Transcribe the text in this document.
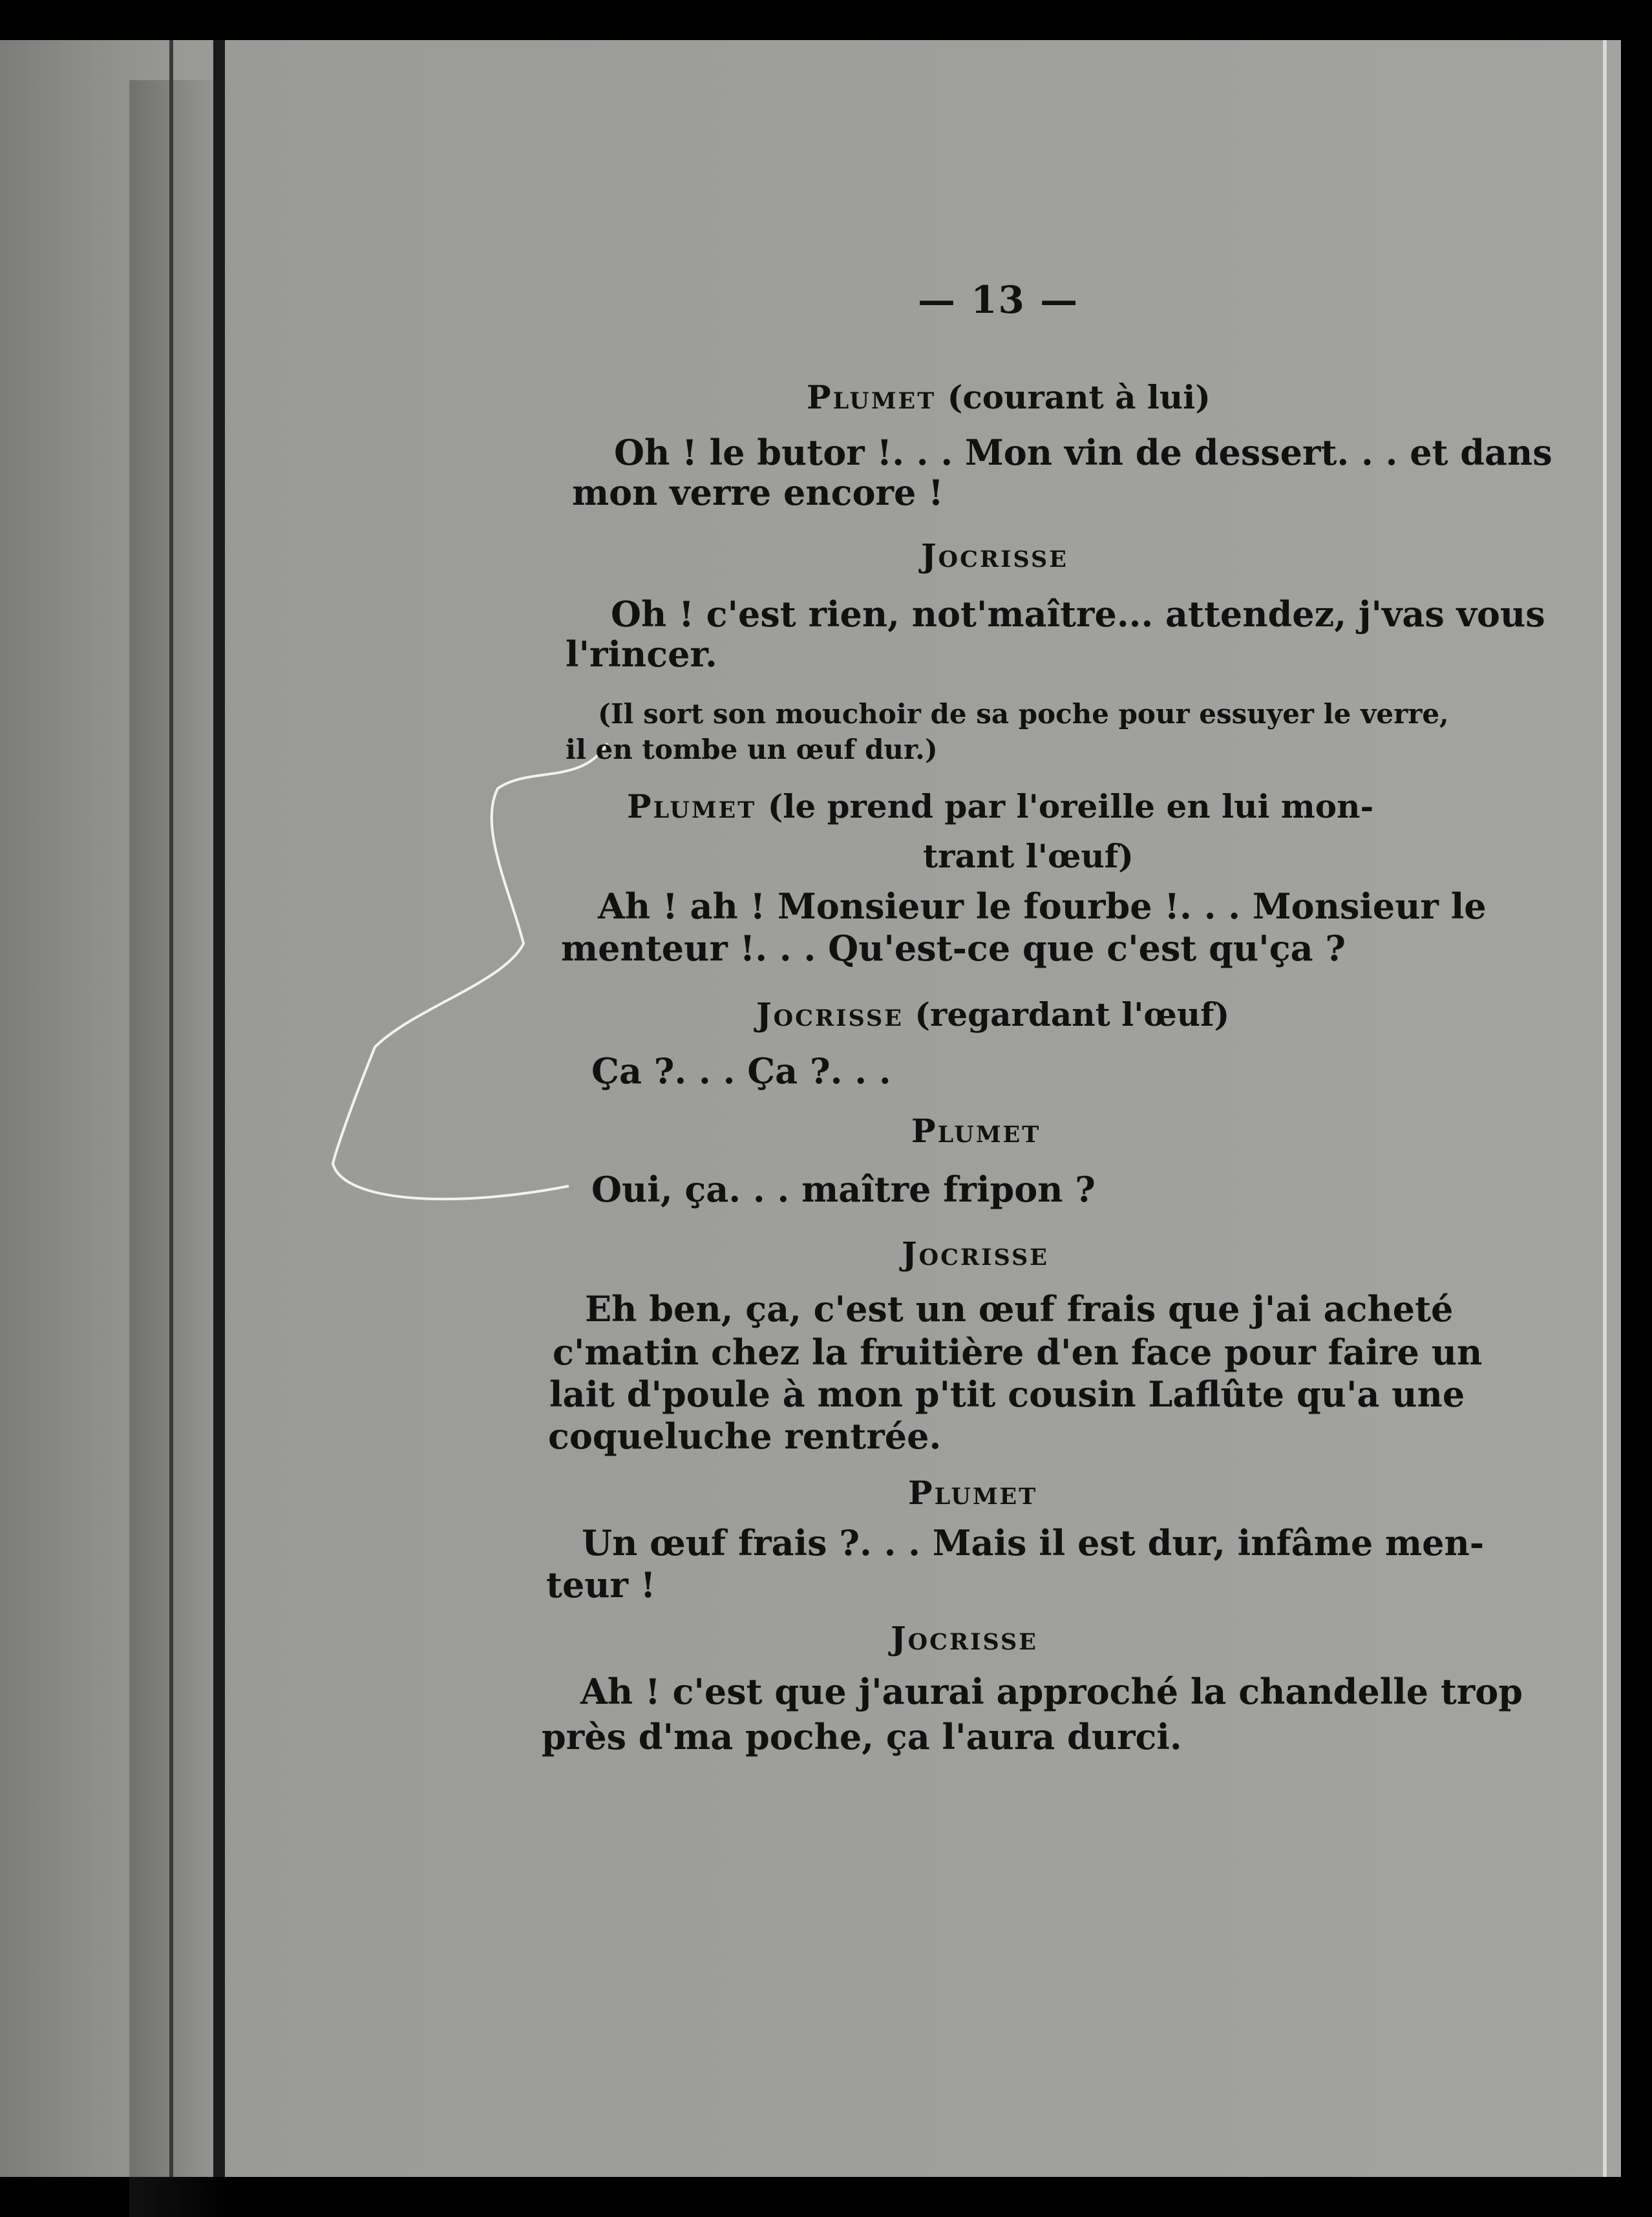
— 13 —
Plumet (courant à lui)
Oh ! le butor !. . . Mon vin de dessert. . . et dans
mon verre encore !
Jocrisse
Oh ! c'est rien, not'maître... attendez, j'vas vous
l'rincer.
(Il sort son mouchoir de sa poche pour essuyer le verre,
il en tombe un œuf dur.)
Plumet (le prend par l'oreille en lui mon-
trant l'œuf)
Ah ! ah ! Monsieur le fourbe !. . . Monsieur le
menteur !. . . Qu'est-ce que c'est qu'ça ?
Jocrisse (regardant l'œuf)
Ça ?. . . Ça ?. . .
Plumet
Oui, ça. . . maître fripon ?
Jocrisse
Eh ben, ça, c'est un œuf frais que j'ai acheté
c'matin chez la fruitière d'en face pour faire un
lait d'poule à mon p'tit cousin Laflûte qu'a une
coqueluche rentrée.
Plumet
Un œuf frais ?. . . Mais il est dur, infâme men-
teur !
Jocrisse
Ah ! c'est que j'aurai approché la chandelle trop
près d'ma poche, ça l'aura durci.
